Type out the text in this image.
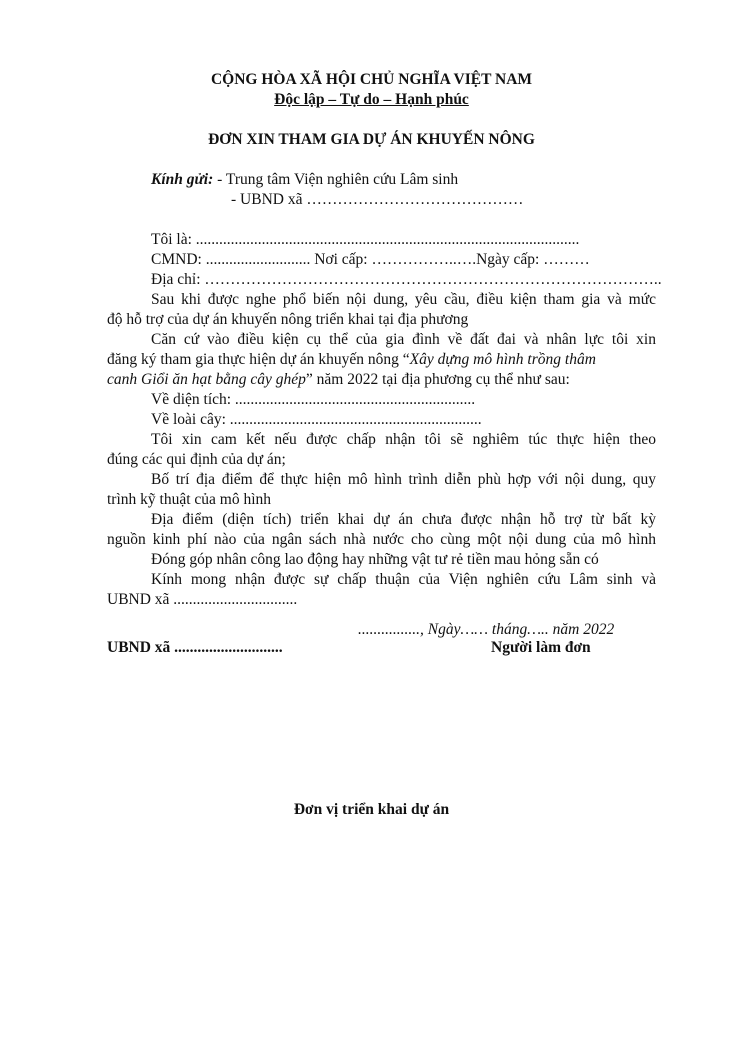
CỘNG HÒA XÃ HỘI CHỦ NGHĨA VIỆT NAM
Độc lập – Tự do – Hạnh phúc
ĐƠN XIN THAM GIA DỰ ÁN KHUYẾN NÔNG
Kính gửi: - Trung tâm Viện nghiên cứu Lâm sinh
- UBND xã ……………………………………
Tôi là: ...................................................................................................
CMND: ........................... Nơi cấp: ……………..….Ngày cấp: ………
Địa chỉ: ……………………………………………………………………………..
Sau khi được nghe phổ biến nội dung, yêu cầu, điều kiện tham gia và mức
độ hỗ trợ của dự án khuyến nông triển khai tại địa phương
Căn cứ vào điều kiện cụ thể của gia đình về đất đai và nhân lực tôi xin
đăng ký tham gia thực hiện dự án khuyến nông “Xây dựng mô hình trồng thâm
canh Giổi ăn hạt bằng cây ghép” năm 2022 tại địa phương cụ thể như sau:
Về diện tích: ..............................................................
Về loài cây: .................................................................
Tôi xin cam kết nếu được chấp nhận tôi sẽ nghiêm túc thực hiện theo
đúng các qui định của dự án;
Bố trí địa điểm để thực hiện mô hình trình diễn phù hợp với nội dung, quy
trình kỹ thuật của mô hình
Địa điểm (diện tích) triển khai dự án chưa được nhận hỗ trợ từ bất kỳ
nguồn kinh phí nào của ngân sách nhà nước cho cùng một nội dung của mô hình
Đóng góp nhân công lao động hay những vật tư rẻ tiền mau hỏng sẵn có
Kính mong nhận được sự chấp thuận của Viện nghiên cứu Lâm sinh và
UBND xã ................................
................, Ngày…… tháng….. năm 2022
UBND xã ............................	Người làm đơn
Đơn vị triển khai dự án
